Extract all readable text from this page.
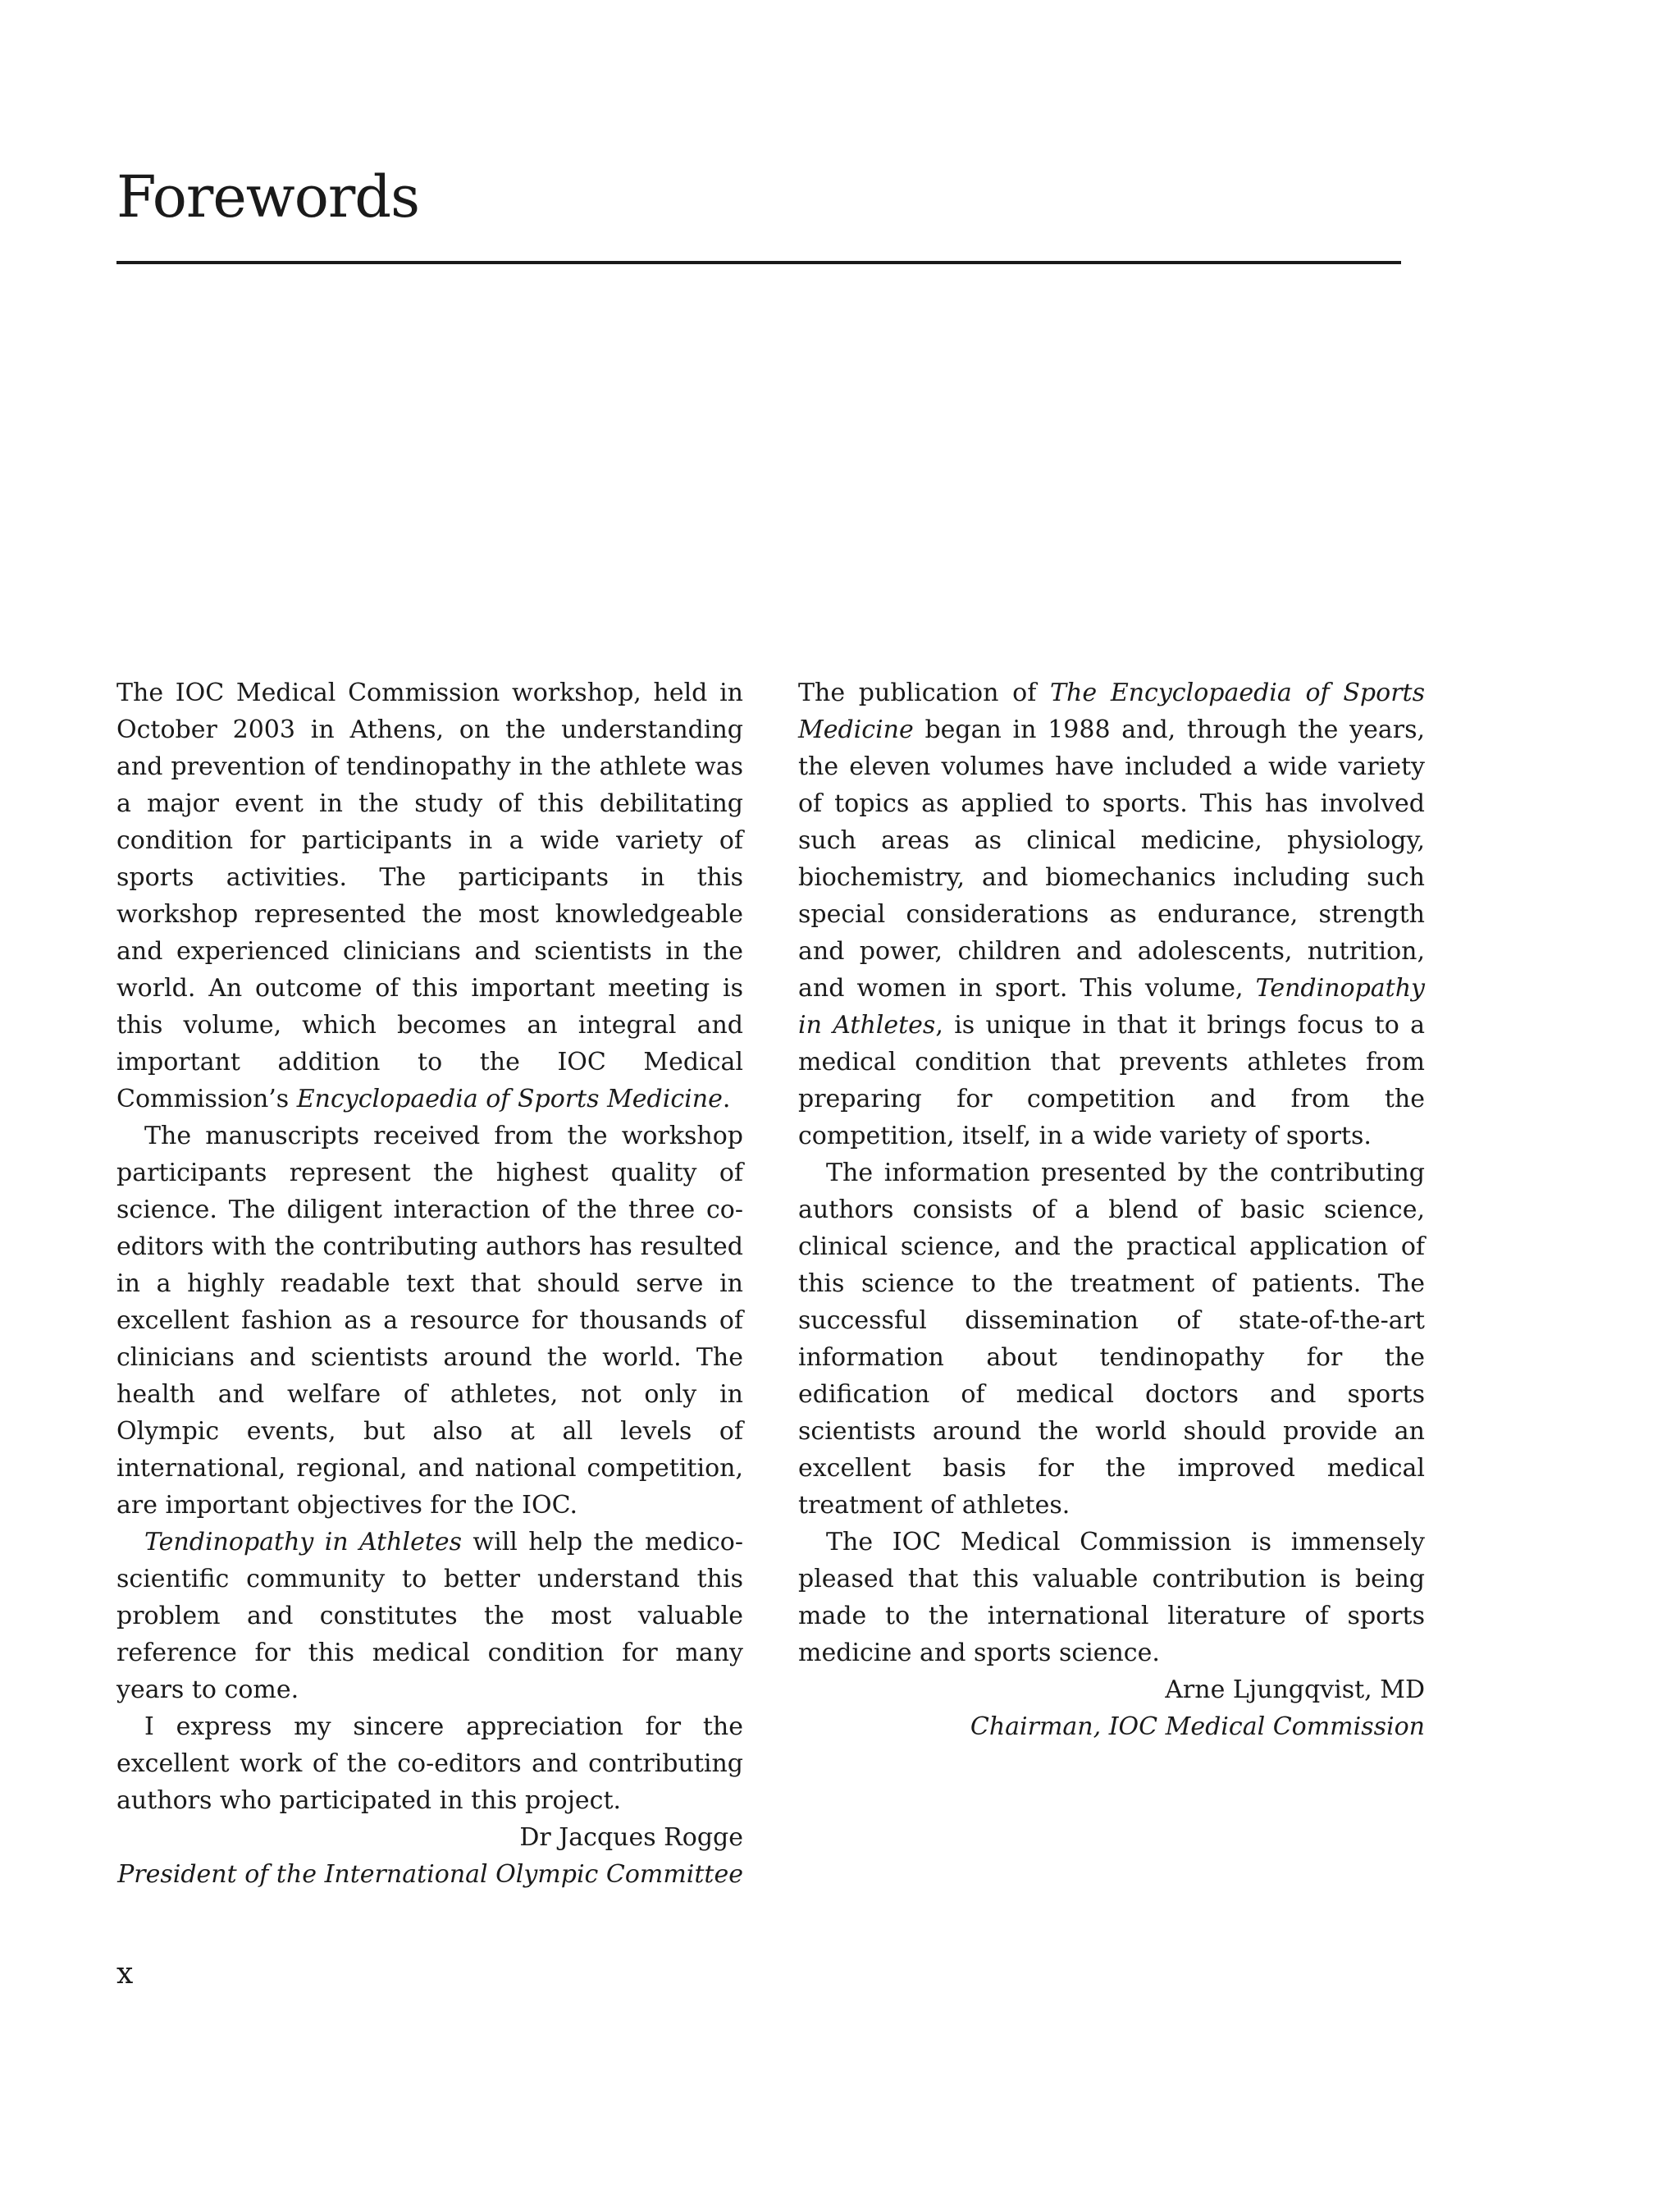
Forewords

The IOC Medical Commission workshop, held in October 2003 in Athens, on the understanding and prevention of tendinopathy in the athlete was a major event in the study of this debilitating condition for participants in a wide variety of sports activities. The participants in this workshop represented the most knowledgeable and experienced clinicians and scientists in the world. An outcome of this important meeting is this volume, which becomes an integral and important addition to the IOC Medical Commission’s Encyclopaedia of Sports Medicine.

The manuscripts received from the workshop participants represent the highest quality of science. The diligent interaction of the three co-editors with the contributing authors has resulted in a highly readable text that should serve in excellent fashion as a resource for thousands of clinicians and scientists around the world. The health and welfare of athletes, not only in Olympic events, but also at all levels of international, regional, and national competition, are important objectives for the IOC.

Tendinopathy in Athletes will help the medico-scientific community to better understand this problem and constitutes the most valuable reference for this medical condition for many years to come.

I express my sincere appreciation for the excellent work of the co-editors and contributing authors who participated in this project.

Dr Jacques Rogge

President of the International Olympic Committee

The publication of The Encyclopaedia of Sports Medicine began in 1988 and, through the years, the eleven volumes have included a wide variety of topics as applied to sports. This has involved such areas as clinical medicine, physiology, biochemistry, and biomechanics including such special considerations as endurance, strength and power, children and adolescents, nutrition, and women in sport. This volume, Tendinopathy in Athletes, is unique in that it brings focus to a medical condition that prevents athletes from preparing for competition and from the competition, itself, in a wide variety of sports.

The information presented by the contributing authors consists of a blend of basic science, clinical science, and the practical application of this science to the treatment of patients. The successful dissemination of state-of-the-art information about tendinopathy for the edification of medical doctors and sports scientists around the world should provide an excellent basis for the improved medical treatment of athletes.

The IOC Medical Commission is immensely pleased that this valuable contribution is being made to the international literature of sports medicine and sports science.

Arne Ljungqvist, MD

Chairman, IOC Medical Commission

x
